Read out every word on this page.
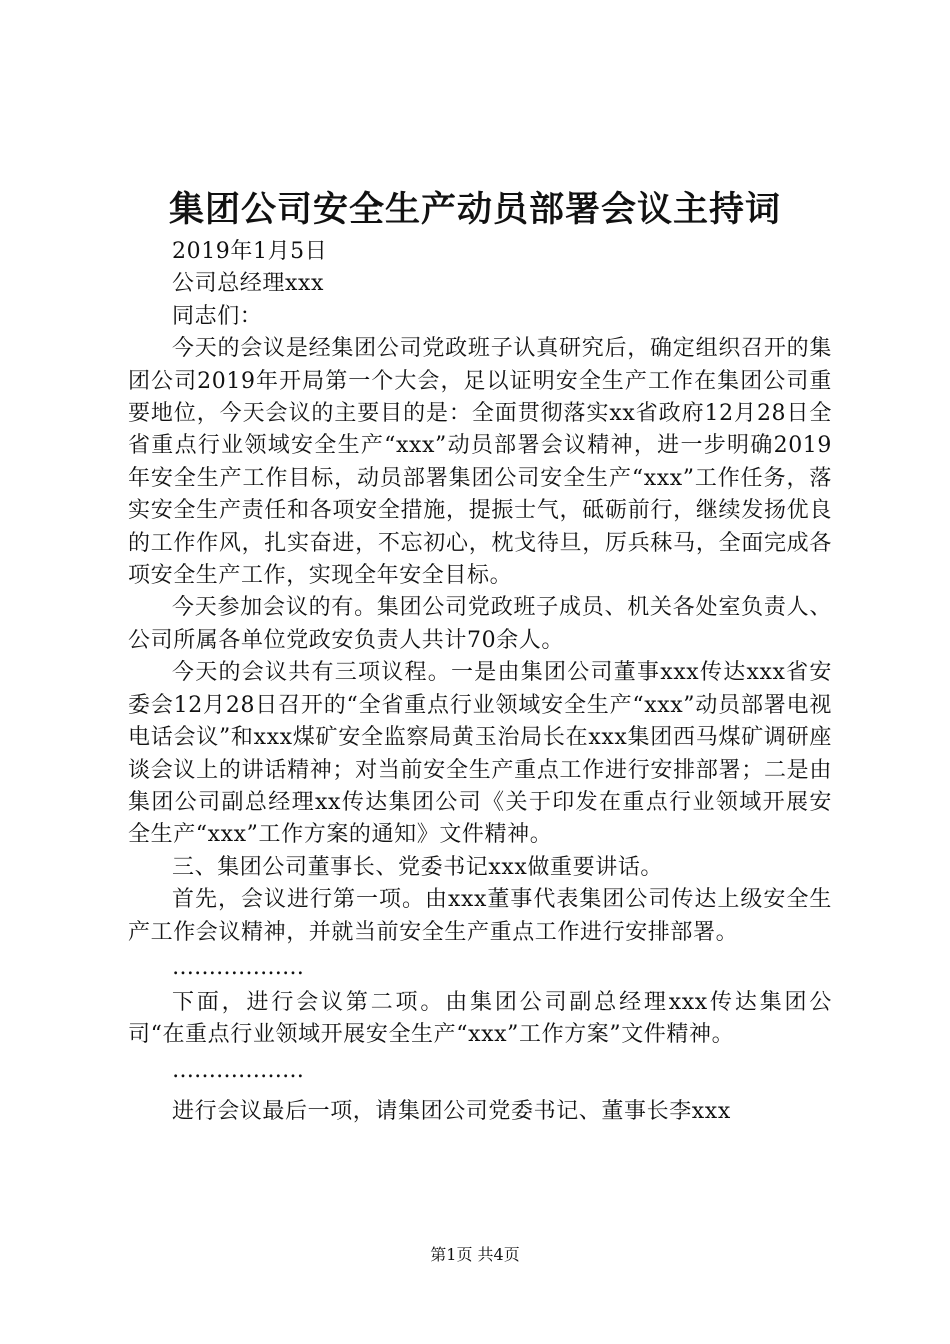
集团公司安全生产动员部署会议主持词

2019年1月5日

公司总经理xxx

同志们：

今天的会议是经集团公司党政班子认真研究后，确定组织召开的集团公司2019年开局第一个大会，足以证明安全生产工作在集团公司重要地位，今天会议的主要目的是：全面贯彻落实xx省政府12月28日全省重点行业领域安全生产“xxx”动员部署会议精神，进一步明确2019年安全生产工作目标，动员部署集团公司安全生产“xxx”工作任务，落实安全生产责任和各项安全措施，提振士气，砥砺前行，继续发扬优良的工作作风，扎实奋进，不忘初心，枕戈待旦，厉兵秣马，全面完成各项安全生产工作，实现全年安全目标。

今天参加会议的有。集团公司党政班子成员、机关各处室负责人、公司所属各单位党政安负责人共计70余人。

今天的会议共有三项议程。一是由集团公司董事xxx传达xxx省安委会12月28日召开的“全省重点行业领域安全生产“xxx”动员部署电视电话会议”和xxx煤矿安全监察局黄玉治局长在xxx集团西马煤矿调研座谈会议上的讲话精神；对当前安全生产重点工作进行安排部署；二是由集团公司副总经理xx传达集团公司《关于印发在重点行业领域开展安全生产“xxx”工作方案的通知》文件精神。

三、集团公司董事长、党委书记xxx做重要讲话。

首先，会议进行第一项。由xxx董事代表集团公司传达上级安全生产工作会议精神，并就当前安全生产重点工作进行安排部署。

………………

下面，进行会议第二项。由集团公司副总经理xxx传达集团公司“在重点行业领域开展安全生产“xxx”工作方案”文件精神。

………………

进行会议最后一项，请集团公司党委书记、董事长李xxx

第1页 共4页
